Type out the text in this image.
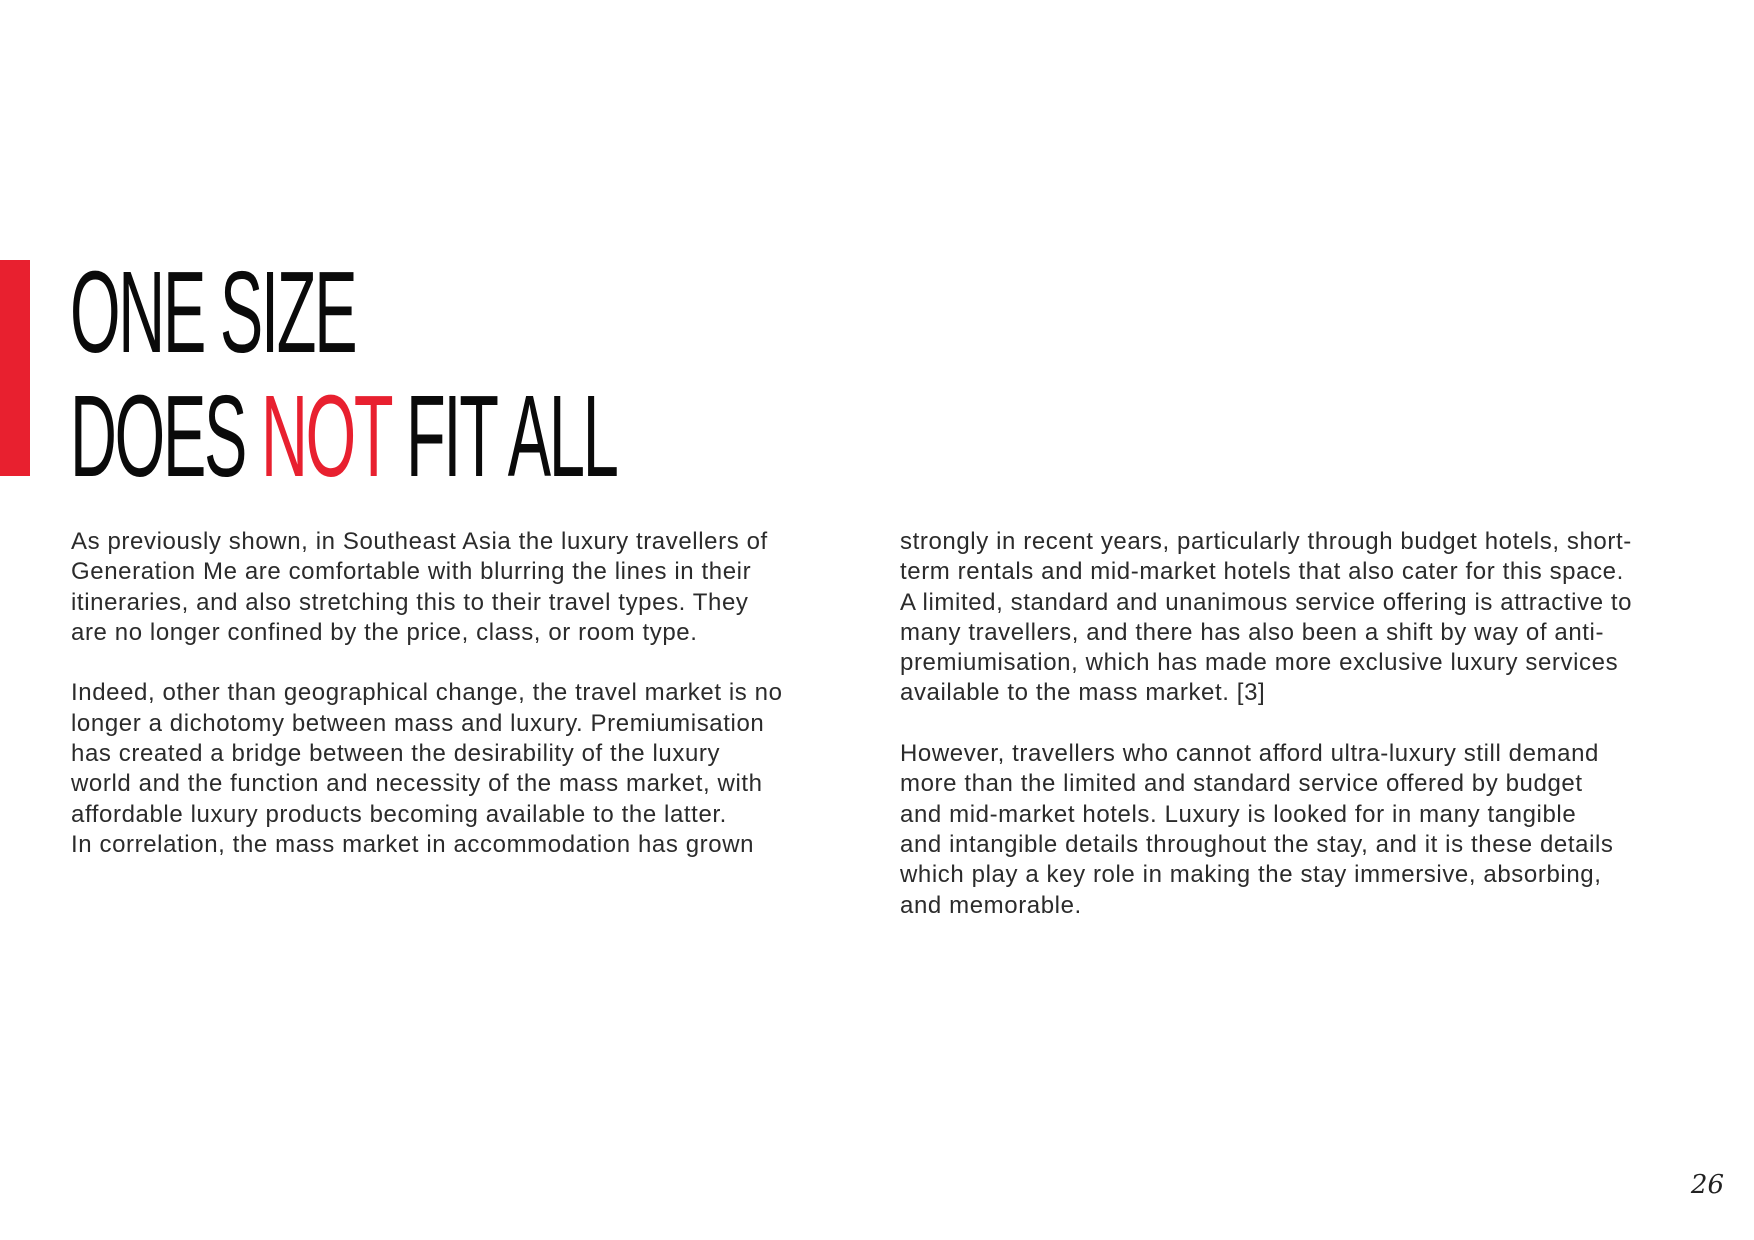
ONE SIZE
DOES NOT FIT ALL

As previously shown, in Southeast Asia the luxury travellers of
Generation Me are comfortable with blurring the lines in their
itineraries, and also stretching this to their travel types. They
are no longer confined by the price, class, or room type.

Indeed, other than geographical change, the travel market is no
longer a dichotomy between mass and luxury. Premiumisation
has created a bridge between the desirability of the luxury
world and the function and necessity of the mass market, with
affordable luxury products becoming available to the latter.
In correlation, the mass market in accommodation has grown

strongly in recent years, particularly through budget hotels, short-
term rentals and mid-market hotels that also cater for this space.
A limited, standard and unanimous service offering is attractive to
many travellers, and there has also been a shift by way of anti-
premiumisation, which has made more exclusive luxury services
available to the mass market. [3]

However, travellers who cannot afford ultra-luxury still demand
more than the limited and standard service offered by budget
and mid-market hotels. Luxury is looked for in many tangible
and intangible details throughout the stay, and it is these details
which play a key role in making the stay immersive, absorbing,
and memorable.

26
